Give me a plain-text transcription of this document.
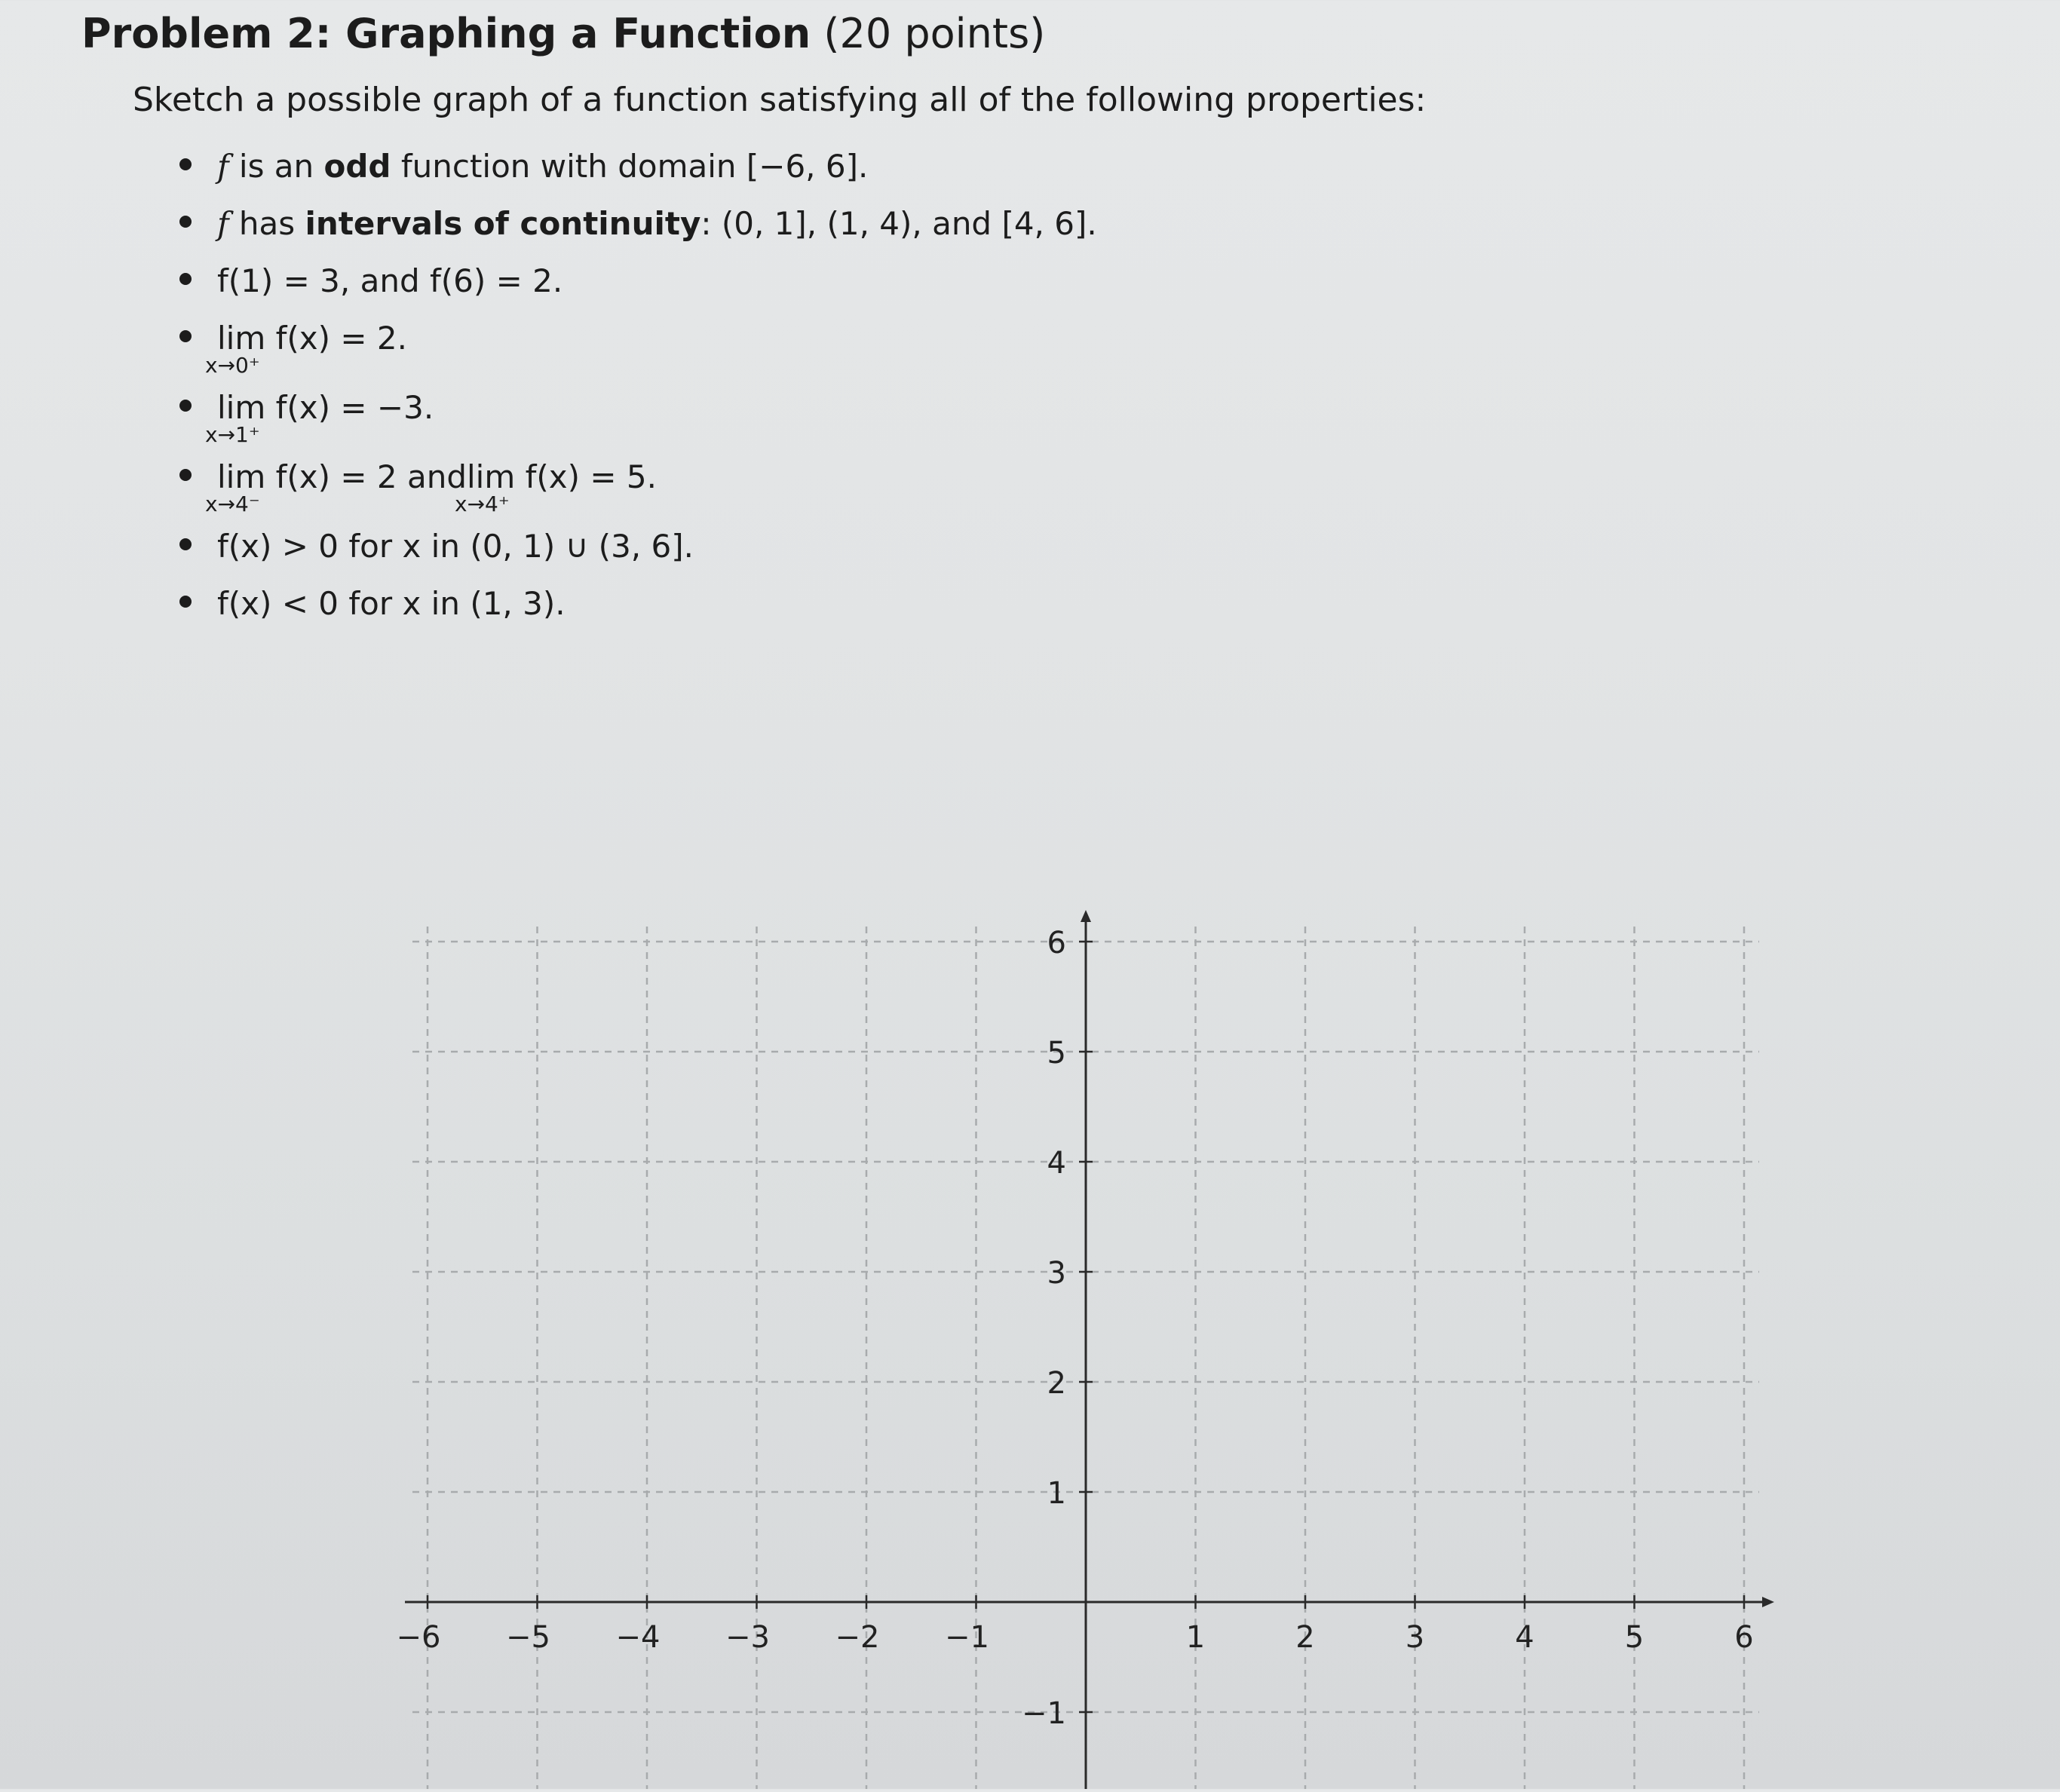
Problem 2: Graphing a Function (20 points)
Sketch a possible graph of a function satisfying all of the following properties:
f is an odd function with domain [−6, 6].
f has intervals of continuity: (0, 1], (1, 4), and [4, 6].
f(1) = 3, and f(6) = 2.
lim f(x) = 2.
x→0⁺
lim f(x) = −3.
x→1⁺
lim f(x) = 2 and
x→4⁻
lim f(x) = 5.
x→4⁺
f(x) > 0 for x in (0, 1) ∪ (3, 6].
f(x) < 0 for x in (1, 3).
−6 −5 −4 −3 −2 −1	1	2	3	4	5	6
6
5
4
3
2
1
−1
